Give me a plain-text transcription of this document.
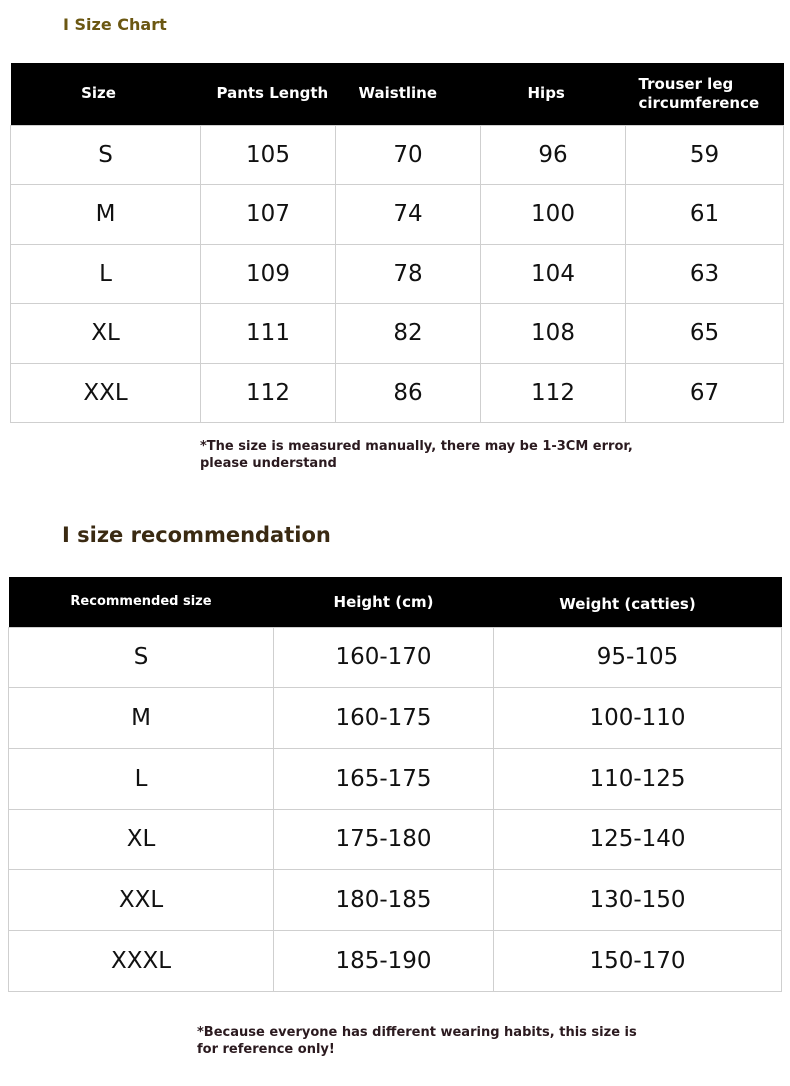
I Size Chart
Size	Pants Length	Waistline	Hips	Trouser leg circumference
S	105	70	96	59
M	107	74	100	61
L	109	78	104	63
XL	111	82	108	65
XXL	112	86	112	67
*The size is measured manually, there may be 1-3CM error, please understand
I size recommendation
Recommended size	Height (cm)	Weight (catties)
S	160-170	95-105
M	160-175	100-110
L	165-175	110-125
XL	175-180	125-140
XXL	180-185	130-150
XXXL	185-190	150-170
*Because everyone has different wearing habits, this size is for reference only!
